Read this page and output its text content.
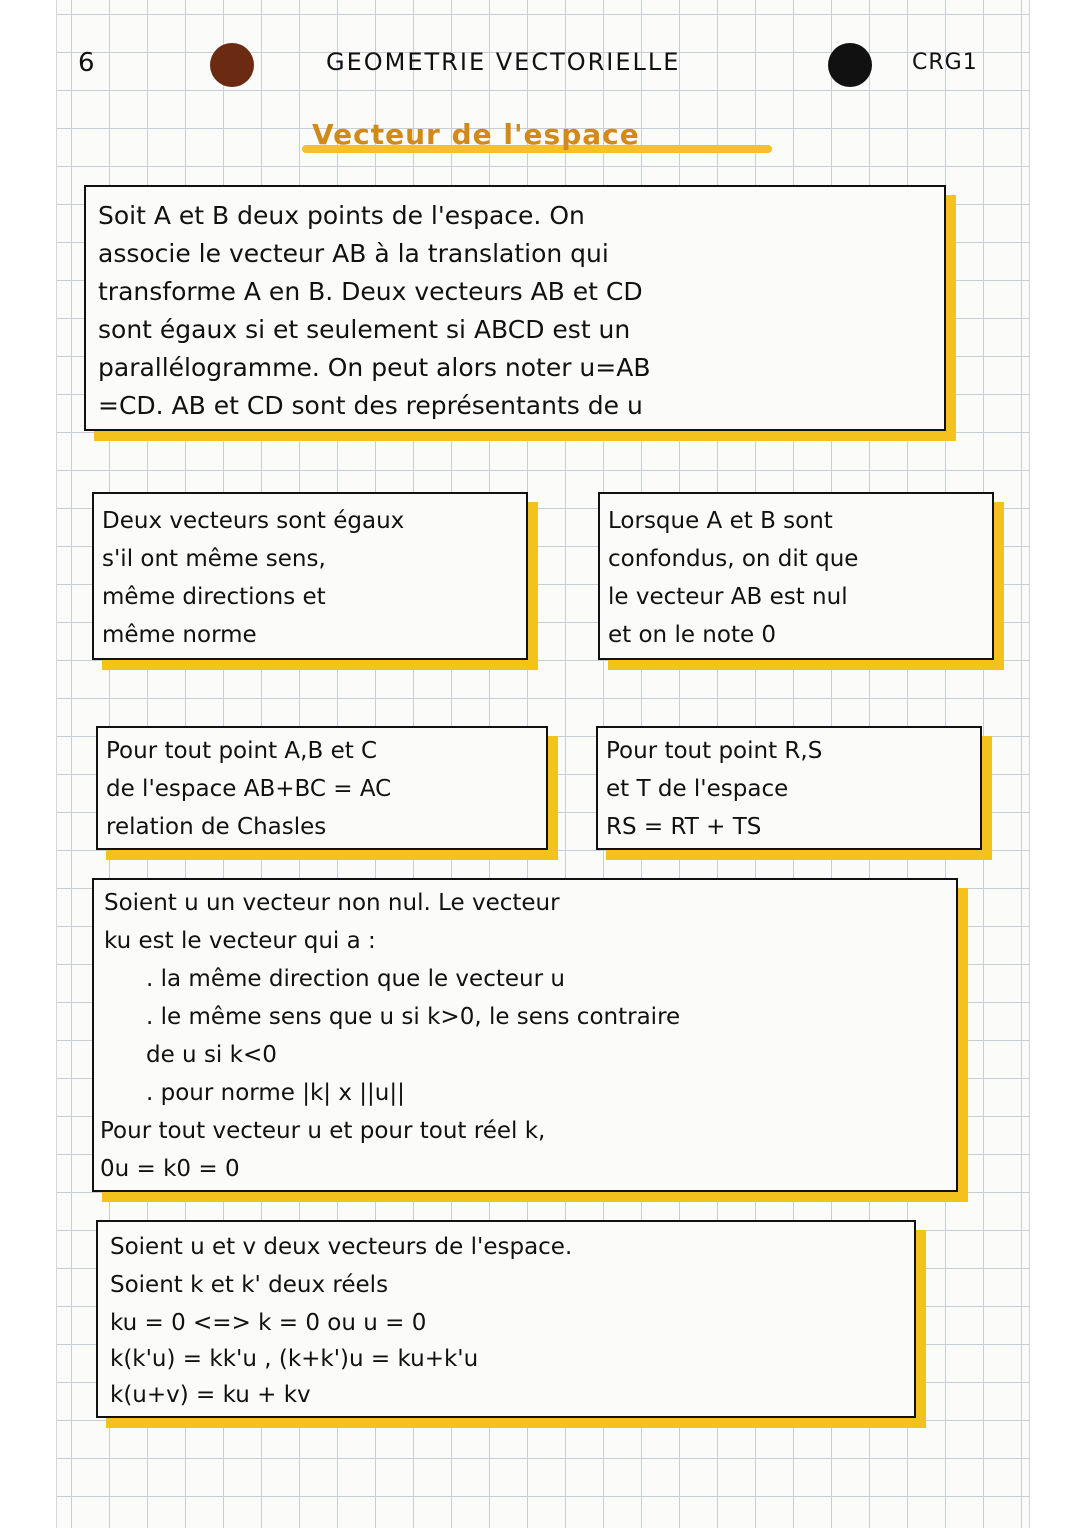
6	GEOMETRIE VECTORIELLE	CRG1
Vecteur de l'espace
Soit A et B deux points de l'espace. On
associe le vecteur AB à la translation qui
transforme A en B. Deux vecteurs AB et CD
sont égaux si et seulement si ABCD est un
parallélogramme. On peut alors noter u=AB
=CD. AB et CD sont des représentants de u
Deux vecteurs sont égaux
s'il ont même sens,
même directions et
même norme
Lorsque A et B sont
confondus, on dit que
le vecteur AB est nul
et on le note 0
Pour tout point A,B et C
de l'espace AB+BC = AC
relation de Chasles
Pour tout point R,S
et T de l'espace
RS = RT + TS
Soient u un vecteur non nul. Le vecteur
ku est le vecteur qui a :
. la même direction que le vecteur u
. le même sens que u si k>0, le sens contraire
de u si k<0
. pour norme |k| x ||u||
Pour tout vecteur u et pour tout réel k,
0u = k0 = 0
Soient u et v deux vecteurs de l'espace.
Soient k et k' deux réels
ku = 0 <=> k = 0 ou u = 0
k(k'u) = kk'u , (k+k')u = ku+k'u
k(u+v) = ku + kv
